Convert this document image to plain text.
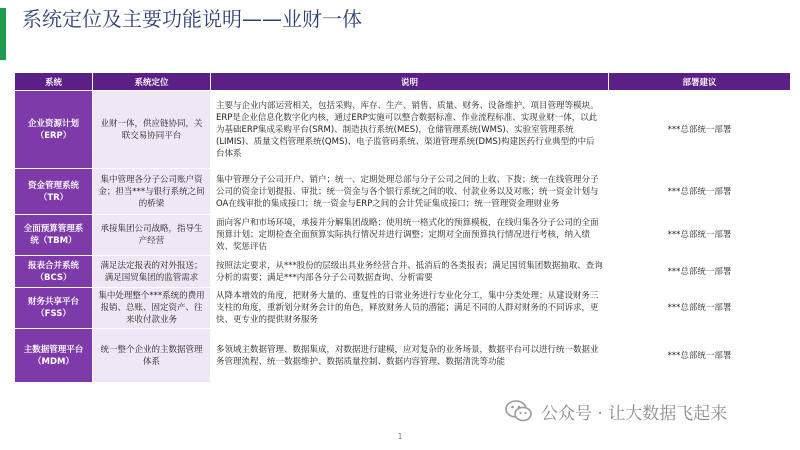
系统定位及主要功能说明——业财一体
系统	系统定位	说明	部署建议
企业资源计划（ERP）	业财一体，供应链协同，关联交易协同平台	主要与企业内部运营相关，包括采购、库存、生产、销售、质量、财务、设备维护、项目管理等模块。ERP是企业信息化数字化内核，通过ERP实施可以整合数据标准、作业流程标准、实现业财一体，以此为基础ERP集成采购平台(SRM)、制造执行系统(MES)，仓储管理系统(WMS)、实验室管理系统(LIMIS)、质量文档管理系统(QMS)、电子监管码系统、渠道管理系统(DMS)构建医药行业典型的中后台体系	***总部统一部署
资金管理系统（TR）	集中管理各分子公司账户资金；担当***与银行系统之间的桥梁	集中管理分子公司开户、销户；统一、定期处理总部与分子公司之间的上收、下拨；统一在线管理分子公司的资金计划提报、审批；统一资金与各个银行系统之间的收、付款业务以及对账；统一资金计划与OA在线审批的集成接口；统一资金与ERP之间的会计凭证集成接口；统一管理资金理财业务	***总部统一部署
全面预算管理系统（TBM）	承接集团公司战略，指导生产经营	面向客户和市场环境，承接并分解集团战略；使用统一格式化的预算模板，在线归集各分子公司的全面预算计划；定期检查全面预算实际执行情况并进行调整；定期对全面预算执行情况进行考核，纳入绩效、奖惩评估	***总部统一部署
报表合并系统（BCS）	满足法定报表的对外报送；满足国贸集团的监管需求	按照法定要求，从***股份的层级出具业务经营合并、抵消后的各类报表；满足国贸集团数据抽取、查询分析的需要；满足***内部各分子公司数据查询、分析需要	***总部统一部署
财务共享平台（FSS）	集中处理整个***系统的费用报销、总账、固定资产、往来收付款业务	从降本增效的角度，把财务大量的、重复性的日常业务进行专业化分工，集中分类处理；从建设财务三支柱的角度，重新划分财务会计的角色，释放财务人员的潜能；满足不同的人群对财务的不同诉求，更快、更专业的提供财务服务	***总部统一部署
主数据管理平台（MDM）	统一整个企业的主数据管理体系	多领域主数据管理、数据集成，对数据进行建模，应对复杂的业务场景，数据平台可以进行统一数据业务管理流程、统一数据维护、数据质量控制、数据内容管理、数据清洗等功能	***总部统一部署
公众号 · 让大数据飞起来
1
